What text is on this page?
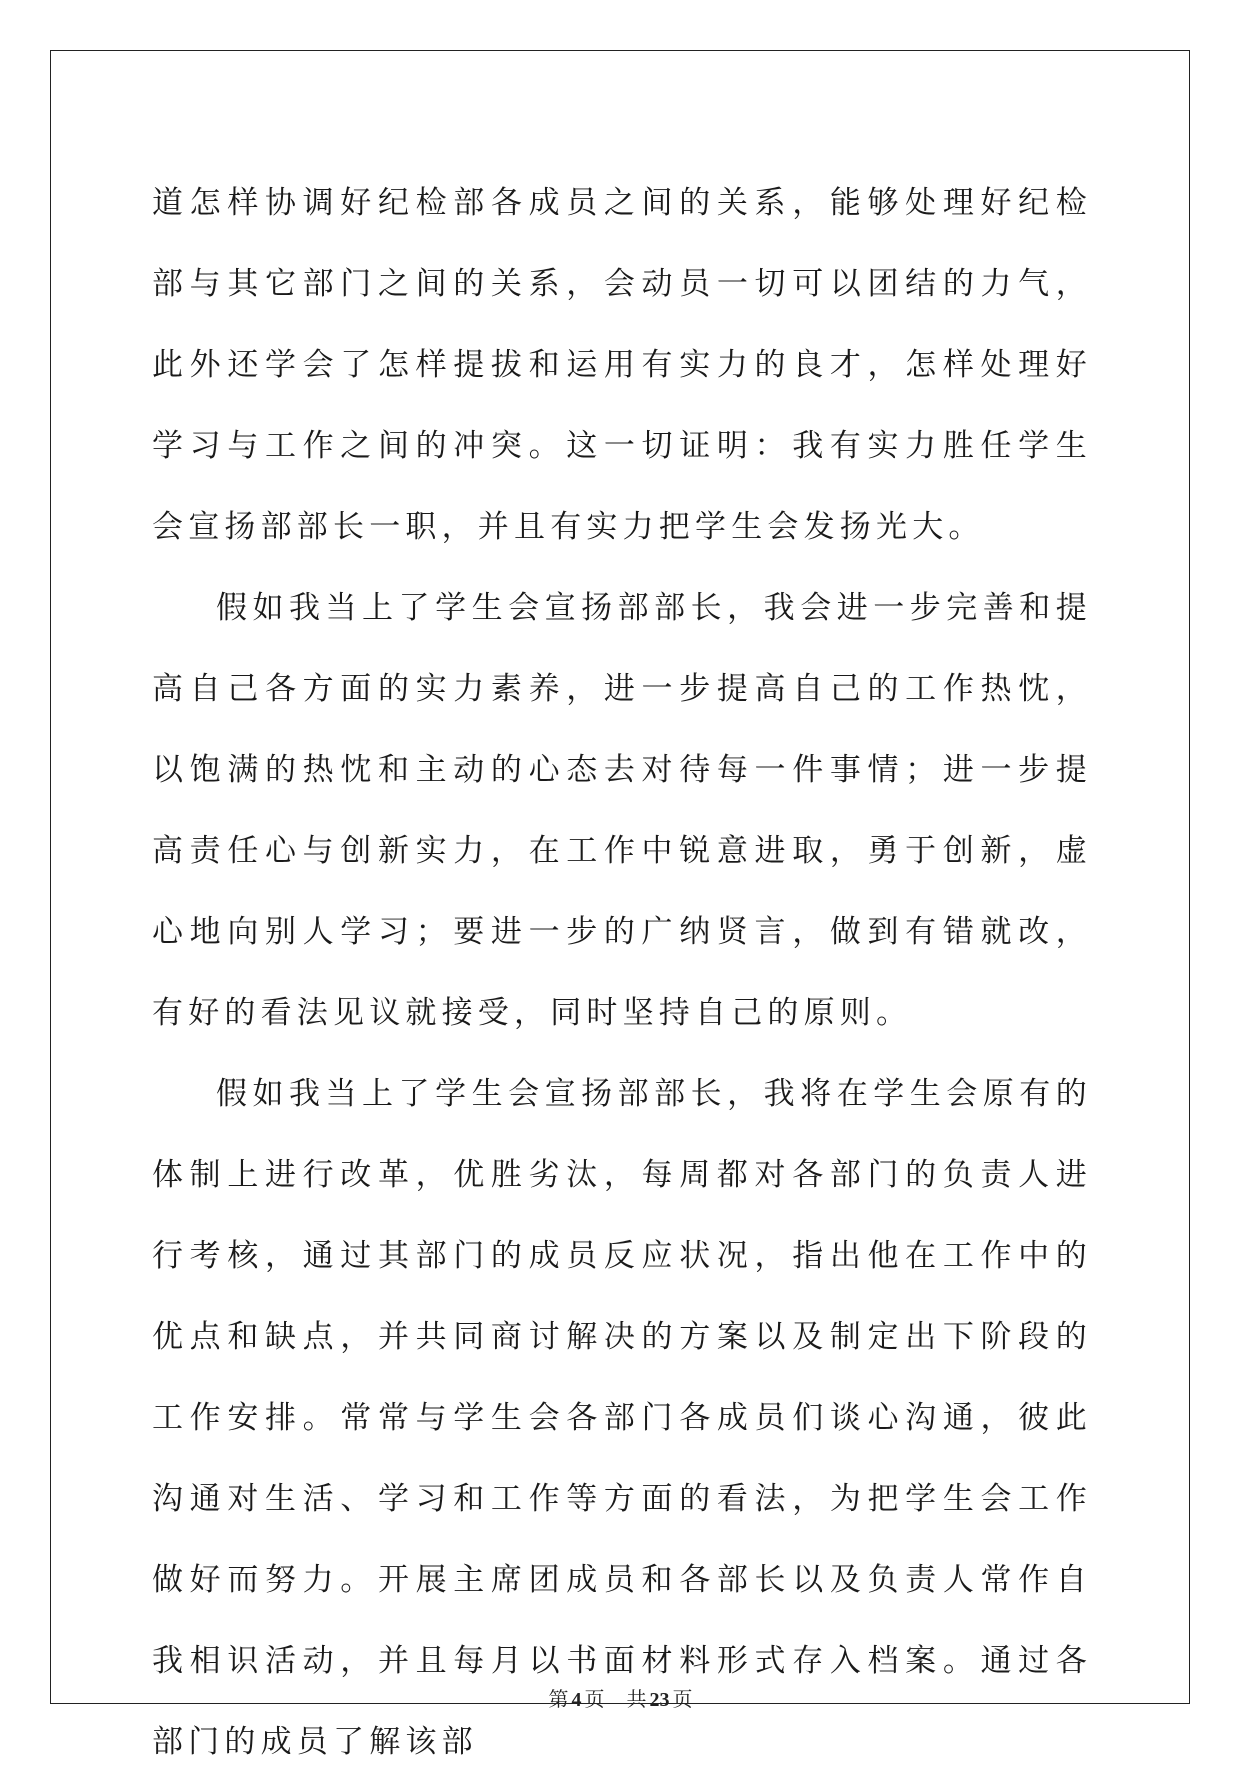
道怎样协调好纪检部各成员之间的关系，能够处理好纪检部与其它部门之间的关系，会动员一切可以团结的力气，此外还学会了怎样提拔和运用有实力的良才，怎样处理好学习与工作之间的冲突。这一切证明：我有实力胜任学生会宣扬部部长一职，并且有实力把学生会发扬光大。

假如我当上了学生会宣扬部部长，我会进一步完善和提高自己各方面的实力素养，进一步提高自己的工作热忱，以饱满的热忱和主动的心态去对待每一件事情；进一步提高责任心与创新实力，在工作中锐意进取，勇于创新，虚心地向别人学习；要进一步的广纳贤言，做到有错就改，有好的看法见议就接受，同时坚持自己的原则。

假如我当上了学生会宣扬部部长，我将在学生会原有的体制上进行改革，优胜劣汰，每周都对各部门的负责人进行考核，通过其部门的成员反应状况，指出他在工作中的优点和缺点，并共同商讨解决的方案以及制定出下阶段的工作安排。常常与学生会各部门各成员们谈心沟通，彼此沟通对生活、学习和工作等方面的看法，为把学生会工作做好而努力。开展主席团成员和各部长以及负责人常作自我相识活动，并且每月以书面材料形式存入档案。通过各部门的成员了解该部

第 4 页 共 23 页
